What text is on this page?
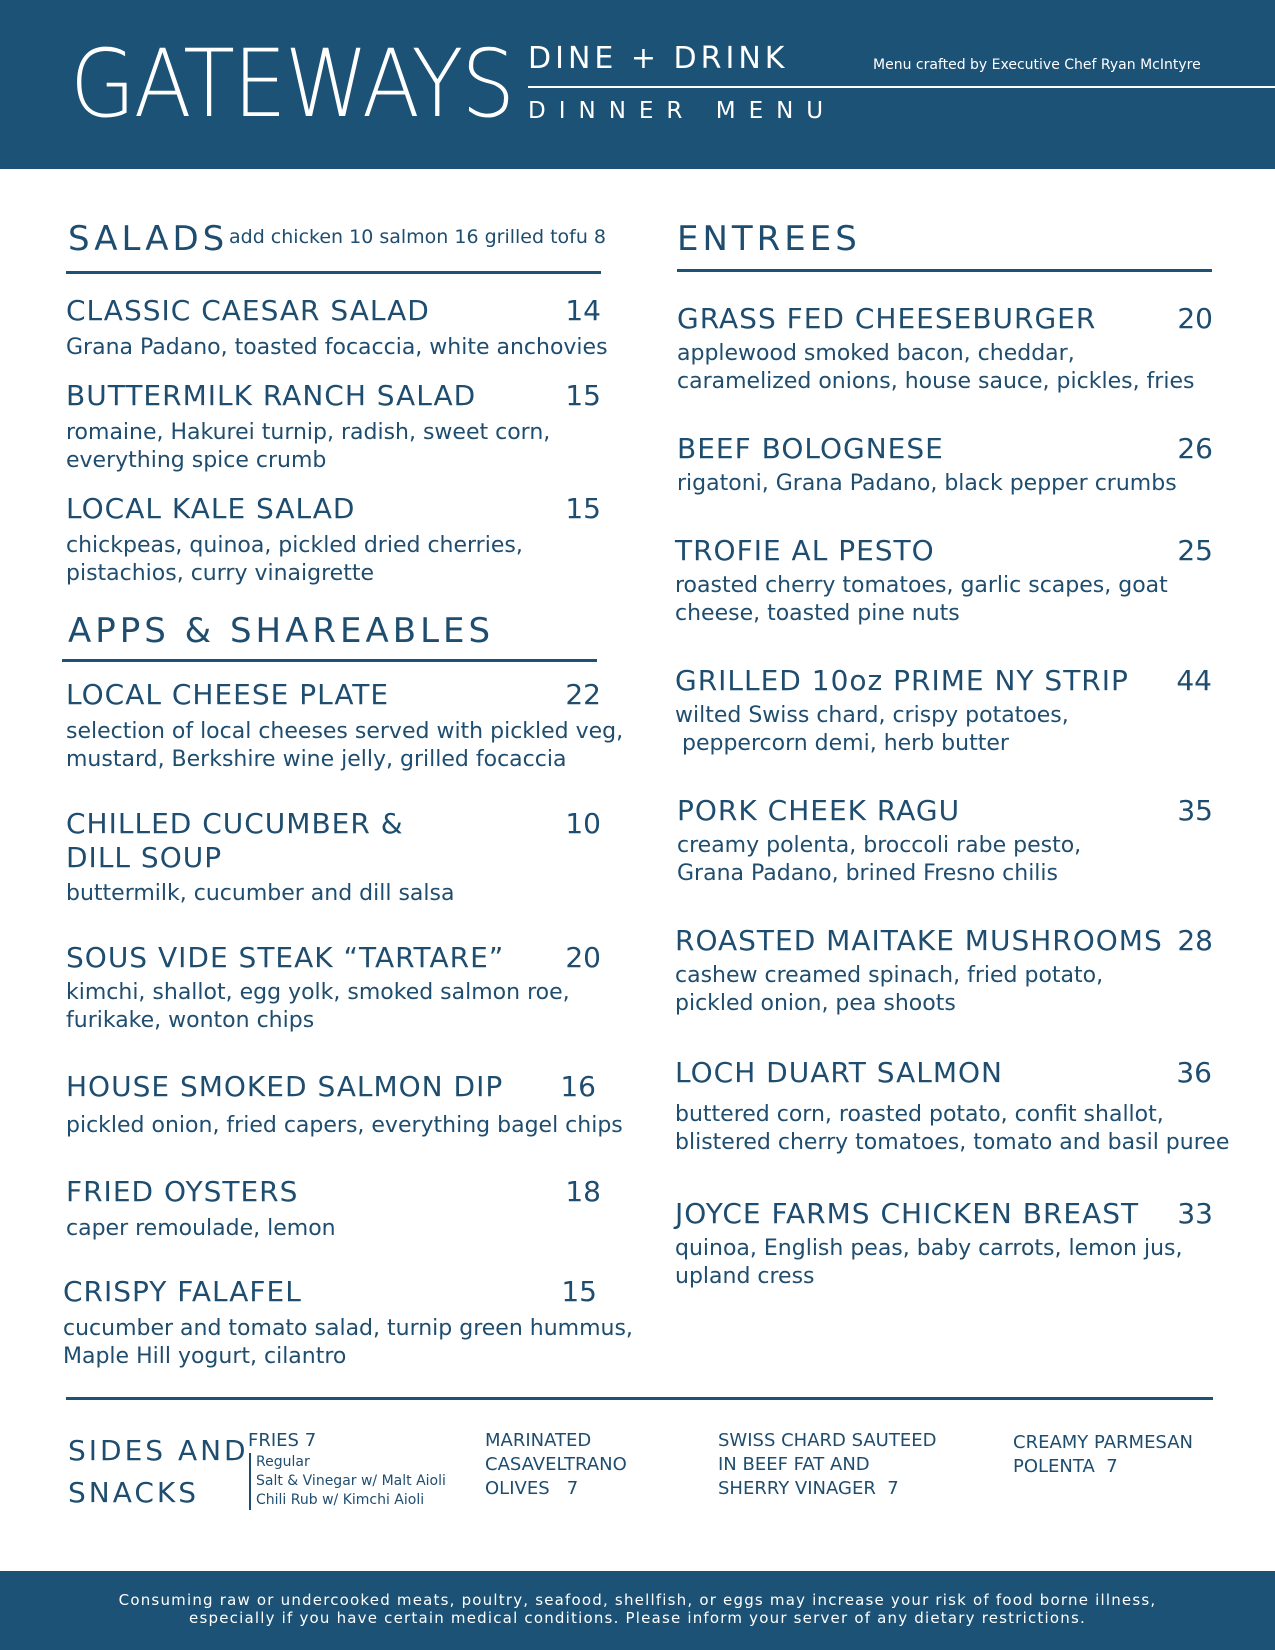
GATEWAYS DINE + DRINK
DINNER MENU
Menu crafted by Executive Chef Ryan McIntyre
SALADS add chicken 10 salmon 16 grilled tofu 8
CLASSIC CAESAR SALAD	14
Grana Padano, toasted focaccia, white anchovies
BUTTERMILK RANCH SALAD	15
romaine, Hakurei turnip, radish, sweet corn,
everything spice crumb
LOCAL KALE SALAD	15
chickpeas, quinoa, pickled dried cherries,
pistachios, curry vinaigrette
APPS & SHAREABLES
LOCAL CHEESE PLATE	22
selection of local cheeses served with pickled veg,
mustard, Berkshire wine jelly, grilled focaccia
CHILLED CUCUMBER &
DILL SOUP
10
buttermilk, cucumber and dill salsa
SOUS VIDE STEAK “TARTARE” 20
kimchi, shallot, egg yolk, smoked salmon roe,
furikake, wonton chips
HOUSE SMOKED SALMON DIP 16
pickled onion, fried capers, everything bagel chips
FRIED OYSTERS	18
caper remoulade, lemon
CRISPY FALAFEL	15
cucumber and tomato salad, turnip green hummus,
Maple Hill yogurt, cilantro
ENTREES
GRASS FED CHEESEBURGER	20
applewood smoked bacon, cheddar,
caramelized onions, house sauce, pickles, fries
BEEF BOLOGNESE	26
rigatoni, Grana Padano, black pepper crumbs
TROFIE AL PESTO	25
roasted cherry tomatoes, garlic scapes, goat
cheese, toasted pine nuts
GRILLED 10oz PRIME NY STRIP 44
wilted Swiss chard, crispy potatoes,
peppercorn demi, herb butter
PORK CHEEK RAGU	35
creamy polenta, broccoli rabe pesto,
Grana Padano, brined Fresno chilis
ROASTED MAITAKE MUSHROOMS 28
cashew creamed spinach, fried potato,
pickled onion, pea shoots
LOCH DUART SALMON	36
buttered corn, roasted potato, confit shallot,
blistered cherry tomatoes, tomato and basil puree
JOYCE FARMS CHICKEN BREAST 33
quinoa, English peas, baby carrots, lemon jus,
upland cress
SIDES AND
SNACKS
FRIES 7
Regular
Salt & Vinegar w/ Malt Aioli
Chili Rub w/ Kimchi Aioli
MARINATED
CASAVELTRANO
OLIVES   7
SWISS CHARD SAUTEED
IN BEEF FAT AND
SHERRY VINAGER  7
CREAMY PARMESAN
POLENTA  7
Consuming raw or undercooked meats, poultry, seafood, shellfish, or eggs may increase your risk of food borne illness,
especially if you have certain medical conditions. Please inform your server of any dietary restrictions.
